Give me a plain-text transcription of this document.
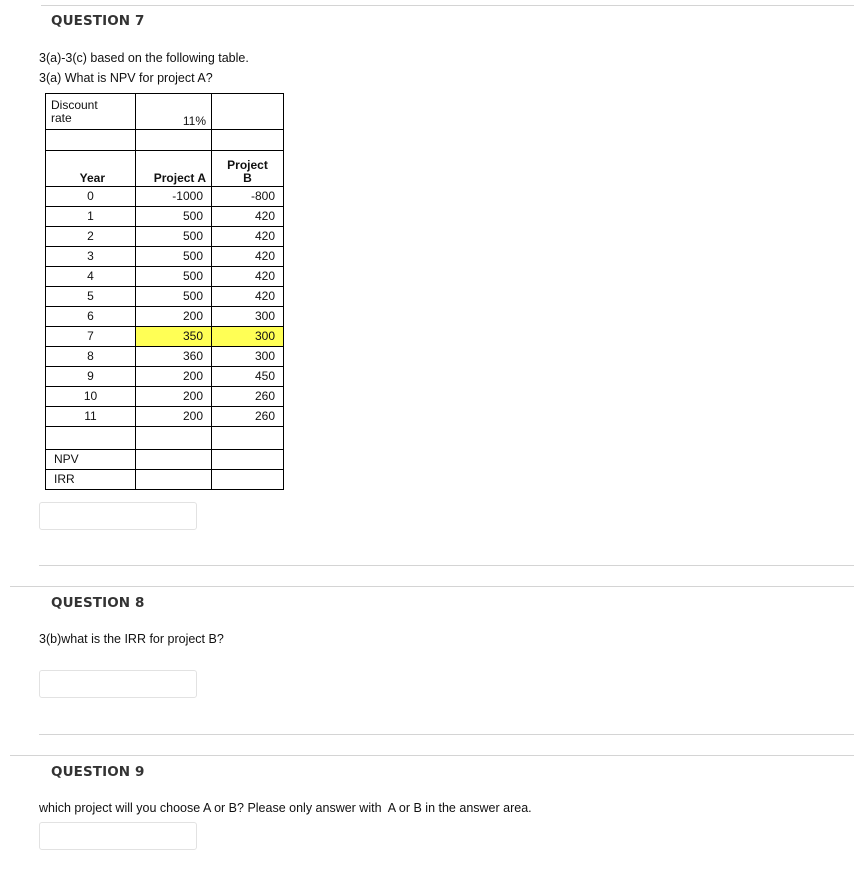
QUESTION 7
3(a)-3(c) based on the following table.
3(a) What is NPV for project A?
Discount
rate	11%	

Year	Project A	Project
B

0	-1000	-800
1	500	420
2	500	420
3	500	420
4	500	420
5	500	420
6	200	300
7	350	300
8	360	300
9	200	450
10	200	260
11	200	260

NPV		
IRR		
QUESTION 8
3(b)what is the IRR for project B?
QUESTION 9
which project will you choose A or B? Please only answer with  A or B in the answer area.
